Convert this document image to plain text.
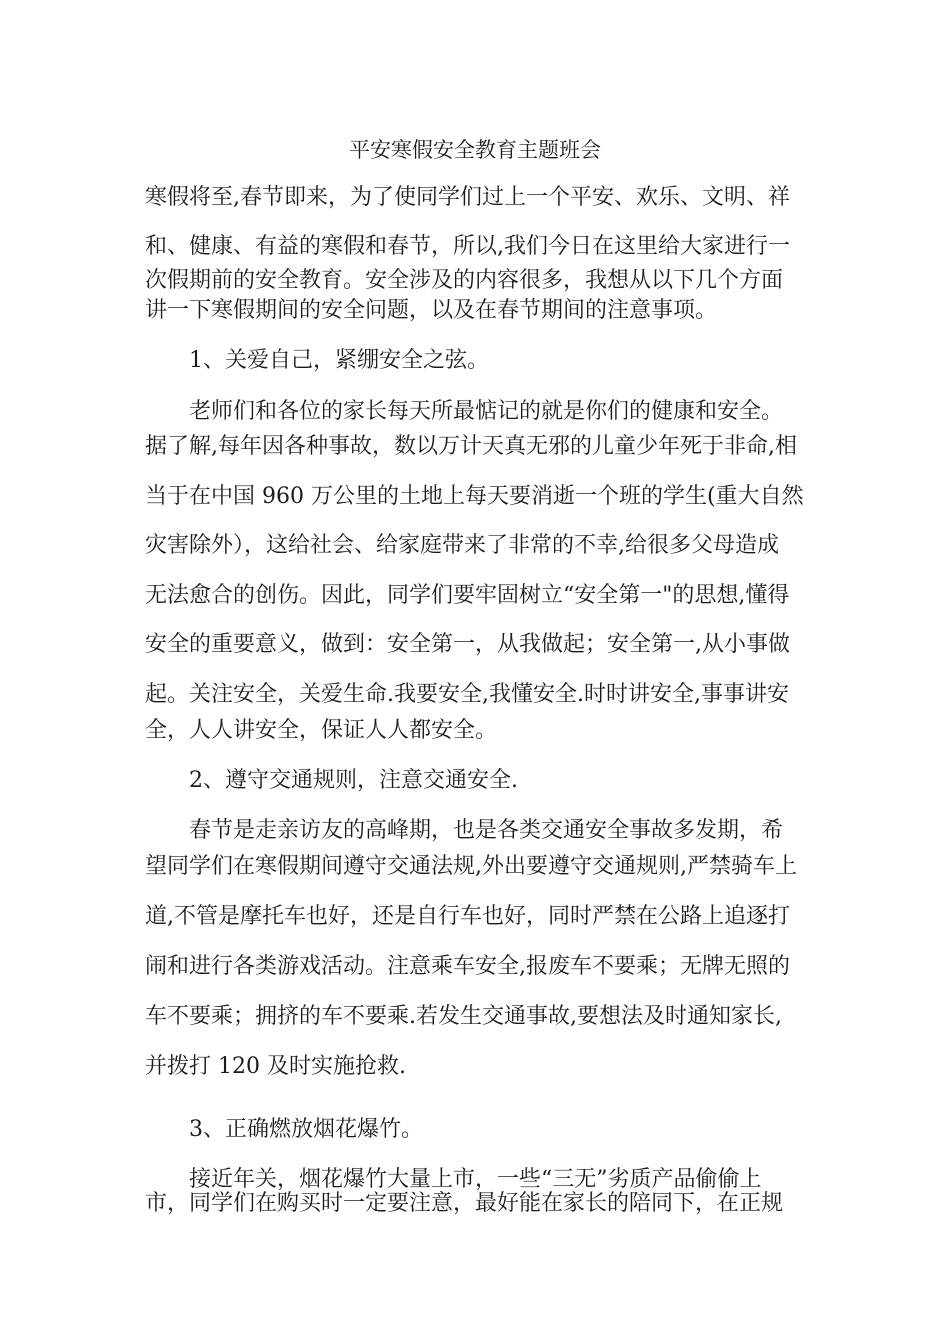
平安寒假安全教育主题班会
寒假将至,春节即来，为了使同学们过上一个平安、欢乐、文明、祥
和、健康、有益的寒假和春节，所以,我们今日在这里给大家进行一
次假期前的安全教育。安全涉及的内容很多，我想从以下几个方面
讲一下寒假期间的安全问题，以及在春节期间的注意事项。
1、关爱自己，紧绷安全之弦。
老师们和各位的家长每天所最惦记的就是你们的健康和安全。
据了解,每年因各种事故，数以万计天真无邪的儿童少年死于非命,相
当于在中国 960 万公里的土地上每天要消逝一个班的学生(重大自然
灾害除外），这给社会、给家庭带来了非常的不幸,给很多父母造成
无法愈合的创伤。因此，同学们要牢固树立“安全第一"的思想,懂得
安全的重要意义，做到：安全第一，从我做起；安全第一,从小事做
起。关注安全，关爱生命.我要安全,我懂安全.时时讲安全,事事讲安
全，人人讲安全，保证人人都安全。
2、遵守交通规则，注意交通安全.
春节是走亲访友的高峰期，也是各类交通安全事故多发期，希
望同学们在寒假期间遵守交通法规,外出要遵守交通规则,严禁骑车上
道,不管是摩托车也好，还是自行车也好，同时严禁在公路上追逐打
闹和进行各类游戏活动。注意乘车安全,报废车不要乘；无牌无照的
车不要乘；拥挤的车不要乘.若发生交通事故,要想法及时通知家长,
并拨打 120 及时实施抢救.
3、正确燃放烟花爆竹。
接近年关，烟花爆竹大量上市，一些“三无”劣质产品偷偷上
市，同学们在购买时一定要注意，最好能在家长的陪同下，在正规
